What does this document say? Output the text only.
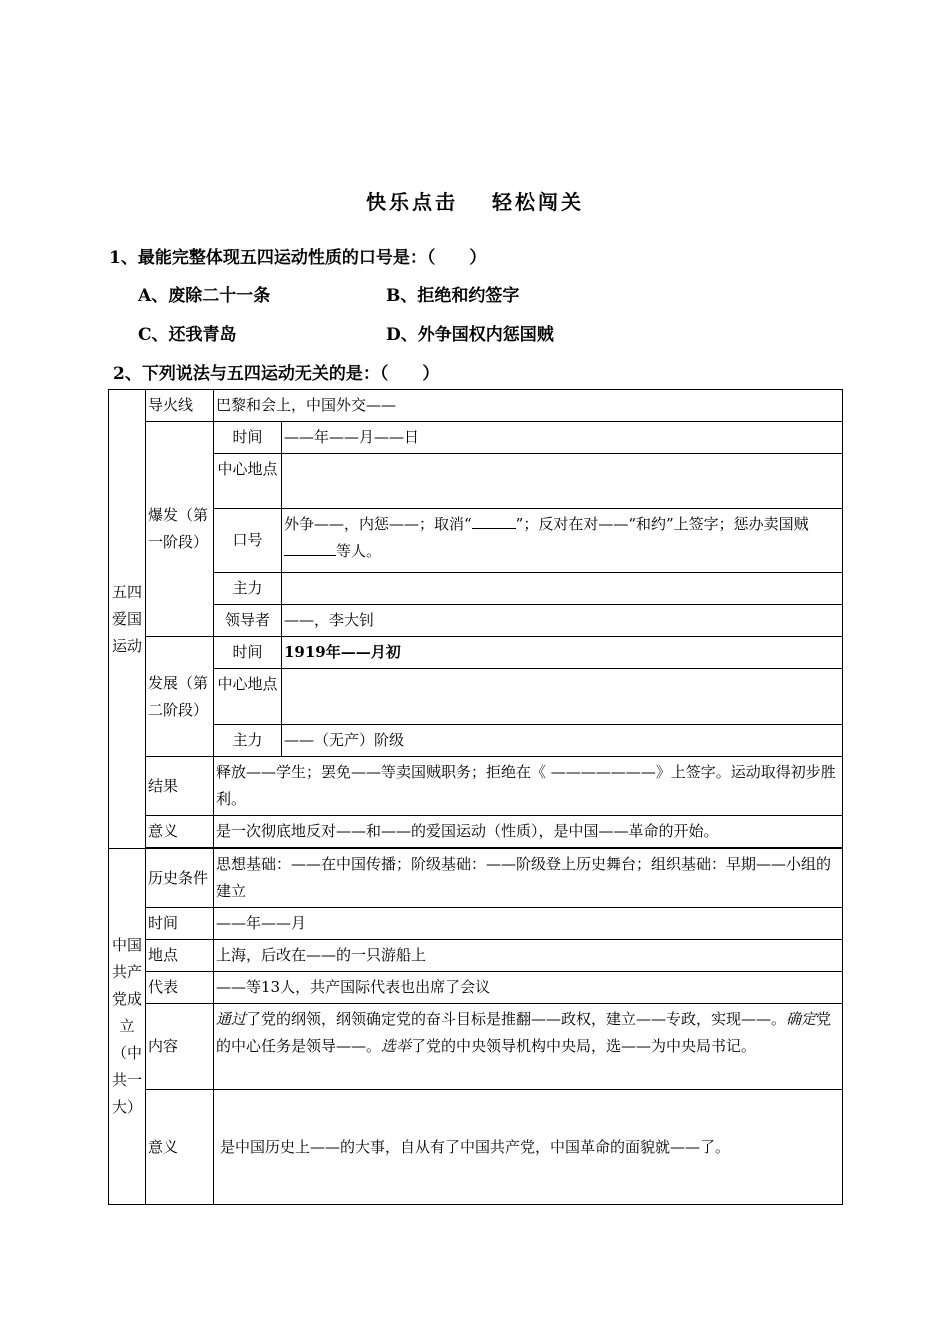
快乐点击 轻松闯关
1、最能完整体现五四运动性质的口号是：（　　）
A、废除二十一条	B、拒绝和约签字
C、还我青岛	D、外争国权内惩国贼
2、下列说法与五四运动无关的是：（　　）
五四爱国运动	导火线	巴黎和会上，中国外交——	
	爆发（第一阶段）	时间	——年——月——日
		中心地点	
		口号	外争——，内惩——；取消“ ”；反对在对——“和约”上签字；惩办卖国贼等人。
		主力	
		领导者	——，李大钊
	发展（第二阶段）	时间	1919年——月初
		中心地点	
		主力	——（无产）阶级
	结果	释放——学生；罢免——等卖国贼职务；拒绝在《 ———————》上签字。运动取得初步胜利。	
	意义	是一次彻底地反对——和——的爱国运动（性质），是中国——革命的开始。	

中国共产党成立（中共一大）	历史条件	思想基础：——在中国传播；阶级基础：——阶级登上历史舞台；组织基础：早期——小组的建立	
	时间	——年——月	
	地点	上海，后改在——的一只游船上	
	代表	——等13人，共产国际代表也出席了会议	
	内容	通过了党的纲领，纲领确定党的奋斗目标是推翻——政权，建立——专政，实现——。确定党的中心任务是领导——。选举了党的中央领导机构中央局，选——为中央局书记。	
	意义	是中国历史上——的大事，自从有了中国共产党，中国革命的面貌就——了。	
